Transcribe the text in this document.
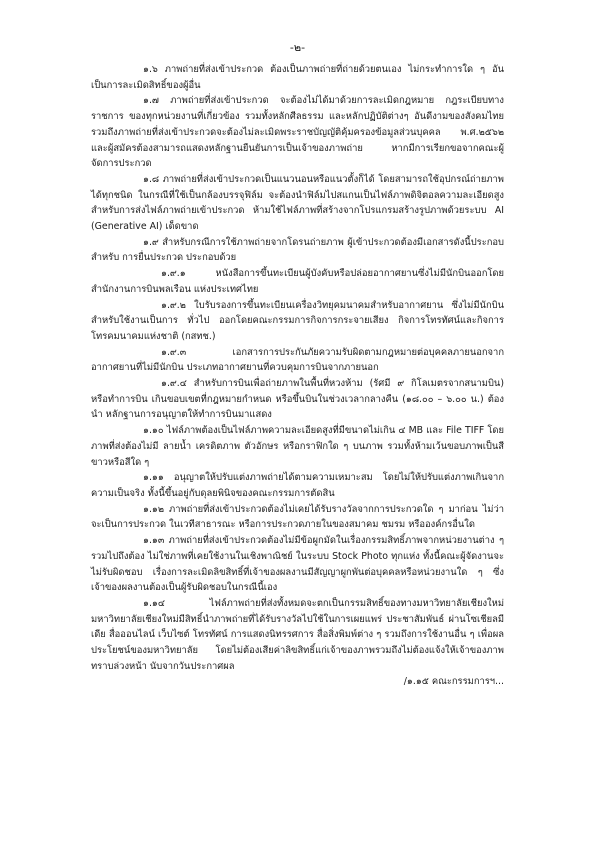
-๒-

๑.๖ ภาพถ่ายที่ส่งเข้าประกวด ต้องเป็นภาพถ่ายที่ถ่ายด้วยตนเอง ไม่กระทำการใด ๆ อันเป็นการละเมิดสิทธิ์ของผู้อื่น

๑.๗ ภาพถ่ายที่ส่งเข้าประกวด จะต้องไม่ได้มาด้วยการละเมิดกฎหมาย กฎระเบียบทางราชการ ของทุกหน่วยงานที่เกี่ยวข้อง รวมทั้งหลักศีลธรรม และหลักปฏิบัติต่างๆ อันดีงามของสังคมไทย รวมถึงภาพถ่ายที่ส่งเข้าประกวดจะต้องไม่ละเมิดพระราชบัญญัติคุ้มครองข้อมูลส่วนบุคคล พ.ศ.๒๕๖๒ และผู้สมัครต้องสามารถแสดงหลักฐานยืนยันการเป็นเจ้าของภาพถ่าย หากมีการเรียกขอจากคณะผู้จัดการประกวด

๑.๘ ภาพถ่ายที่ส่งเข้าประกวดเป็นแนวนอนหรือแนวตั้งก็ได้ โดยสามารถใช้อุปกรณ์ถ่ายภาพได้ทุกชนิด ในกรณีที่ใช้เป็นกล้องบรรจุฟิล์ม จะต้องนำฟิล์มไปสแกนเป็นไฟล์ภาพดิจิตอลความละเอียดสูง สำหรับการส่งไฟล์ภาพถ่ายเข้าประกวด ห้ามใช้ไฟล์ภาพที่สร้างจากโปรแกรมสร้างรูปภาพด้วยระบบ AI (Generative AI) เด็ดขาด

๑.๙ สำหรับกรณีการใช้ภาพถ่ายจากโดรนถ่ายภาพ ผู้เข้าประกวดต้องมีเอกสารดังนี้ประกอบสำหรับ การยื่นประกวด ประกอบด้วย

๑.๙.๑ หนังสือการขึ้นทะเบียนผู้บังคับหรือปล่อยอากาศยานซึ่งไม่มีนักบินออกโดยสำนักงานการบินพลเรือน แห่งประเทศไทย

๑.๙.๒ ใบรับรองการขึ้นทะเบียนเครื่องวิทยุคมนาคมสำหรับอากาศยาน ซึ่งไม่มีนักบินสำหรับใช้งานเป็นการ ทั่วไป ออกโดยคณะกรรมการกิจการกระจายเสียง กิจการโทรทัศน์และกิจการโทรคมนาคมแห่งชาติ (กสทช.)

๑.๙.๓ เอกสารการประกันภัยความรับผิดตามกฎหมายต่อบุคคลภายนอกจากอากาศยานที่ไม่มีนักบิน ประเภทอากาศยานที่ควบคุมการบินจากภายนอก

๑.๙.๔ สำหรับการบินเพื่อถ่ายภาพในพื้นที่หวงห้าม (รัศมี ๙ กิโลเมตรจากสนามบิน) หรือทำการบิน เกินขอบเขตที่กฎหมายกำหนด หรือขึ้นบินในช่วงเวลากลางคืน (๑๘.๐๐ – ๖.๐๐ น.) ต้องนำ หลักฐานการอนุญาตให้ทำการบินมาแสดง

๑.๑๐ ไฟล์ภาพต้องเป็นไฟล์ภาพความละเอียดสูงที่มีขนาดไม่เกิน ๔ MB และ File TIFF โดยภาพที่ส่งต้องไม่มี ลายน้ำ เครดิตภาพ ตัวอักษร หรือกราฟิกใด ๆ บนภาพ รวมทั้งห้ามเว้นขอบภาพเป็นสีขาวหรือสีใด ๆ

๑.๑๑ อนุญาตให้ปรับแต่งภาพถ่ายได้ตามความเหมาะสม โดยไม่ให้ปรับแต่งภาพเกินจากความเป็นจริง ทั้งนี้ขึ้นอยู่กับดุลยพินิจของคณะกรรมการตัดสิน

๑.๑๒ ภาพถ่ายที่ส่งเข้าประกวดต้องไม่เคยได้รับรางวัลจากการประกวดใด ๆ มาก่อน ไม่ว่าจะเป็นการประกวด ในเวทีสาธารณะ หรือการประกวดภายในของสมาคม ชมรม หรือองค์กรอื่นใด

๑.๑๓ ภาพถ่ายที่ส่งเข้าประกวดต้องไม่มีข้อผูกมัดในเรื่องกรรมสิทธิ์ภาพจากหน่วยงานต่าง ๆ รวมไปถึงต้อง ไม่ใช่ภาพที่เคยใช้งานในเชิงพาณิชย์ ในระบบ Stock Photo ทุกแห่ง ทั้งนี้คณะผู้จัดงานจะไม่รับผิดชอบ เรื่องการละเมิดลิขสิทธิ์ที่เจ้าของผลงานมีสัญญาผูกพันต่อบุคคลหรือหน่วยงานใด ๆ ซึ่งเจ้าของผลงานต้องเป็นผู้รับผิดชอบในกรณีนี้เอง

๑.๑๔ ไฟล์ภาพถ่ายที่ส่งทั้งหมดจะตกเป็นกรรมสิทธิ์ของทางมหาวิทยาลัยเชียงใหม่ มหาวิทยาลัยเชียงใหม่มีสิทธิ์นำภาพถ่ายที่ได้รับรางวัลไปใช้ในการเผยแพร่ ประชาสัมพันธ์ ผ่านโซเชียลมีเดีย สื่อออนไลน์ เว็บไซต์ โทรทัศน์ การแสดงนิทรรศการ สื่อสิ่งพิมพ์ต่าง ๆ รวมถึงการใช้งานอื่น ๆ เพื่อผลประโยชน์ของมหาวิทยาลัย โดยไม่ต้องเสียค่าลิขสิทธิ์แก่เจ้าของภาพรวมถึงไม่ต้องแจ้งให้เจ้าของภาพทราบล่วงหน้า นับจากวันประกาศผล

/๑.๑๕ คณะกรรมการฯ...
